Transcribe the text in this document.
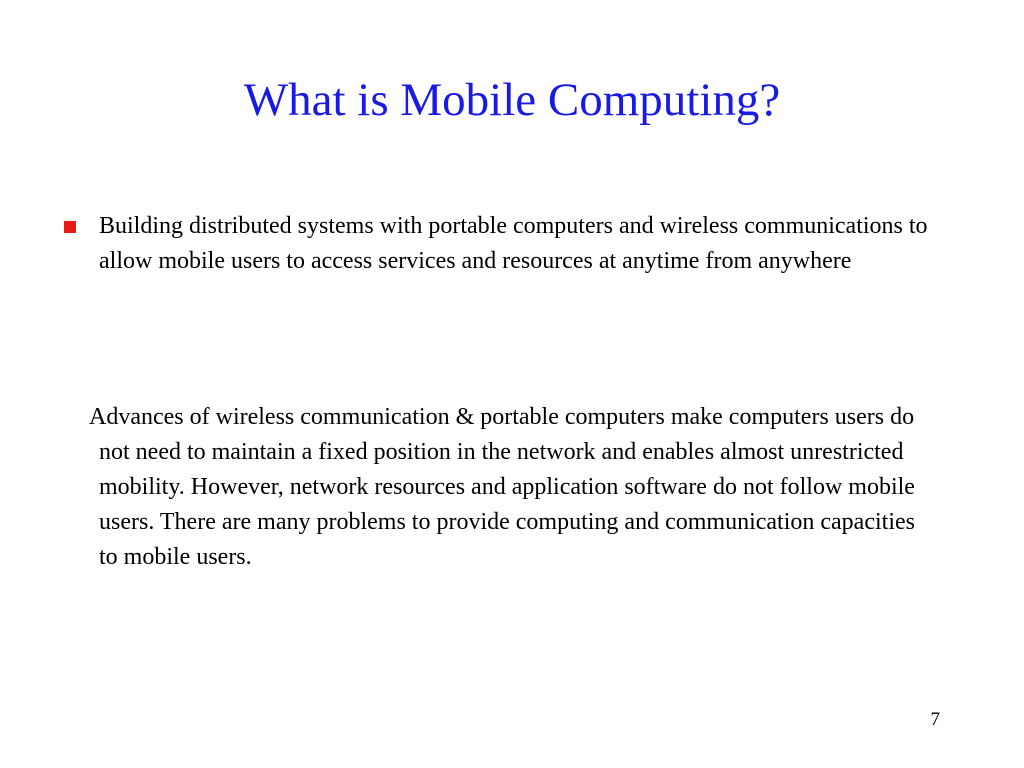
What is Mobile Computing?
Building distributed systems with portable computers and wireless communications to allow mobile users to access services and resources at anytime from anywhere
Advances of wireless communication & portable computers make computers users do not need to maintain a fixed position in the network and enables almost unrestricted mobility. However, network resources and application software do not follow mobile users. There are many problems to provide computing and communication capacities to mobile users.
7
